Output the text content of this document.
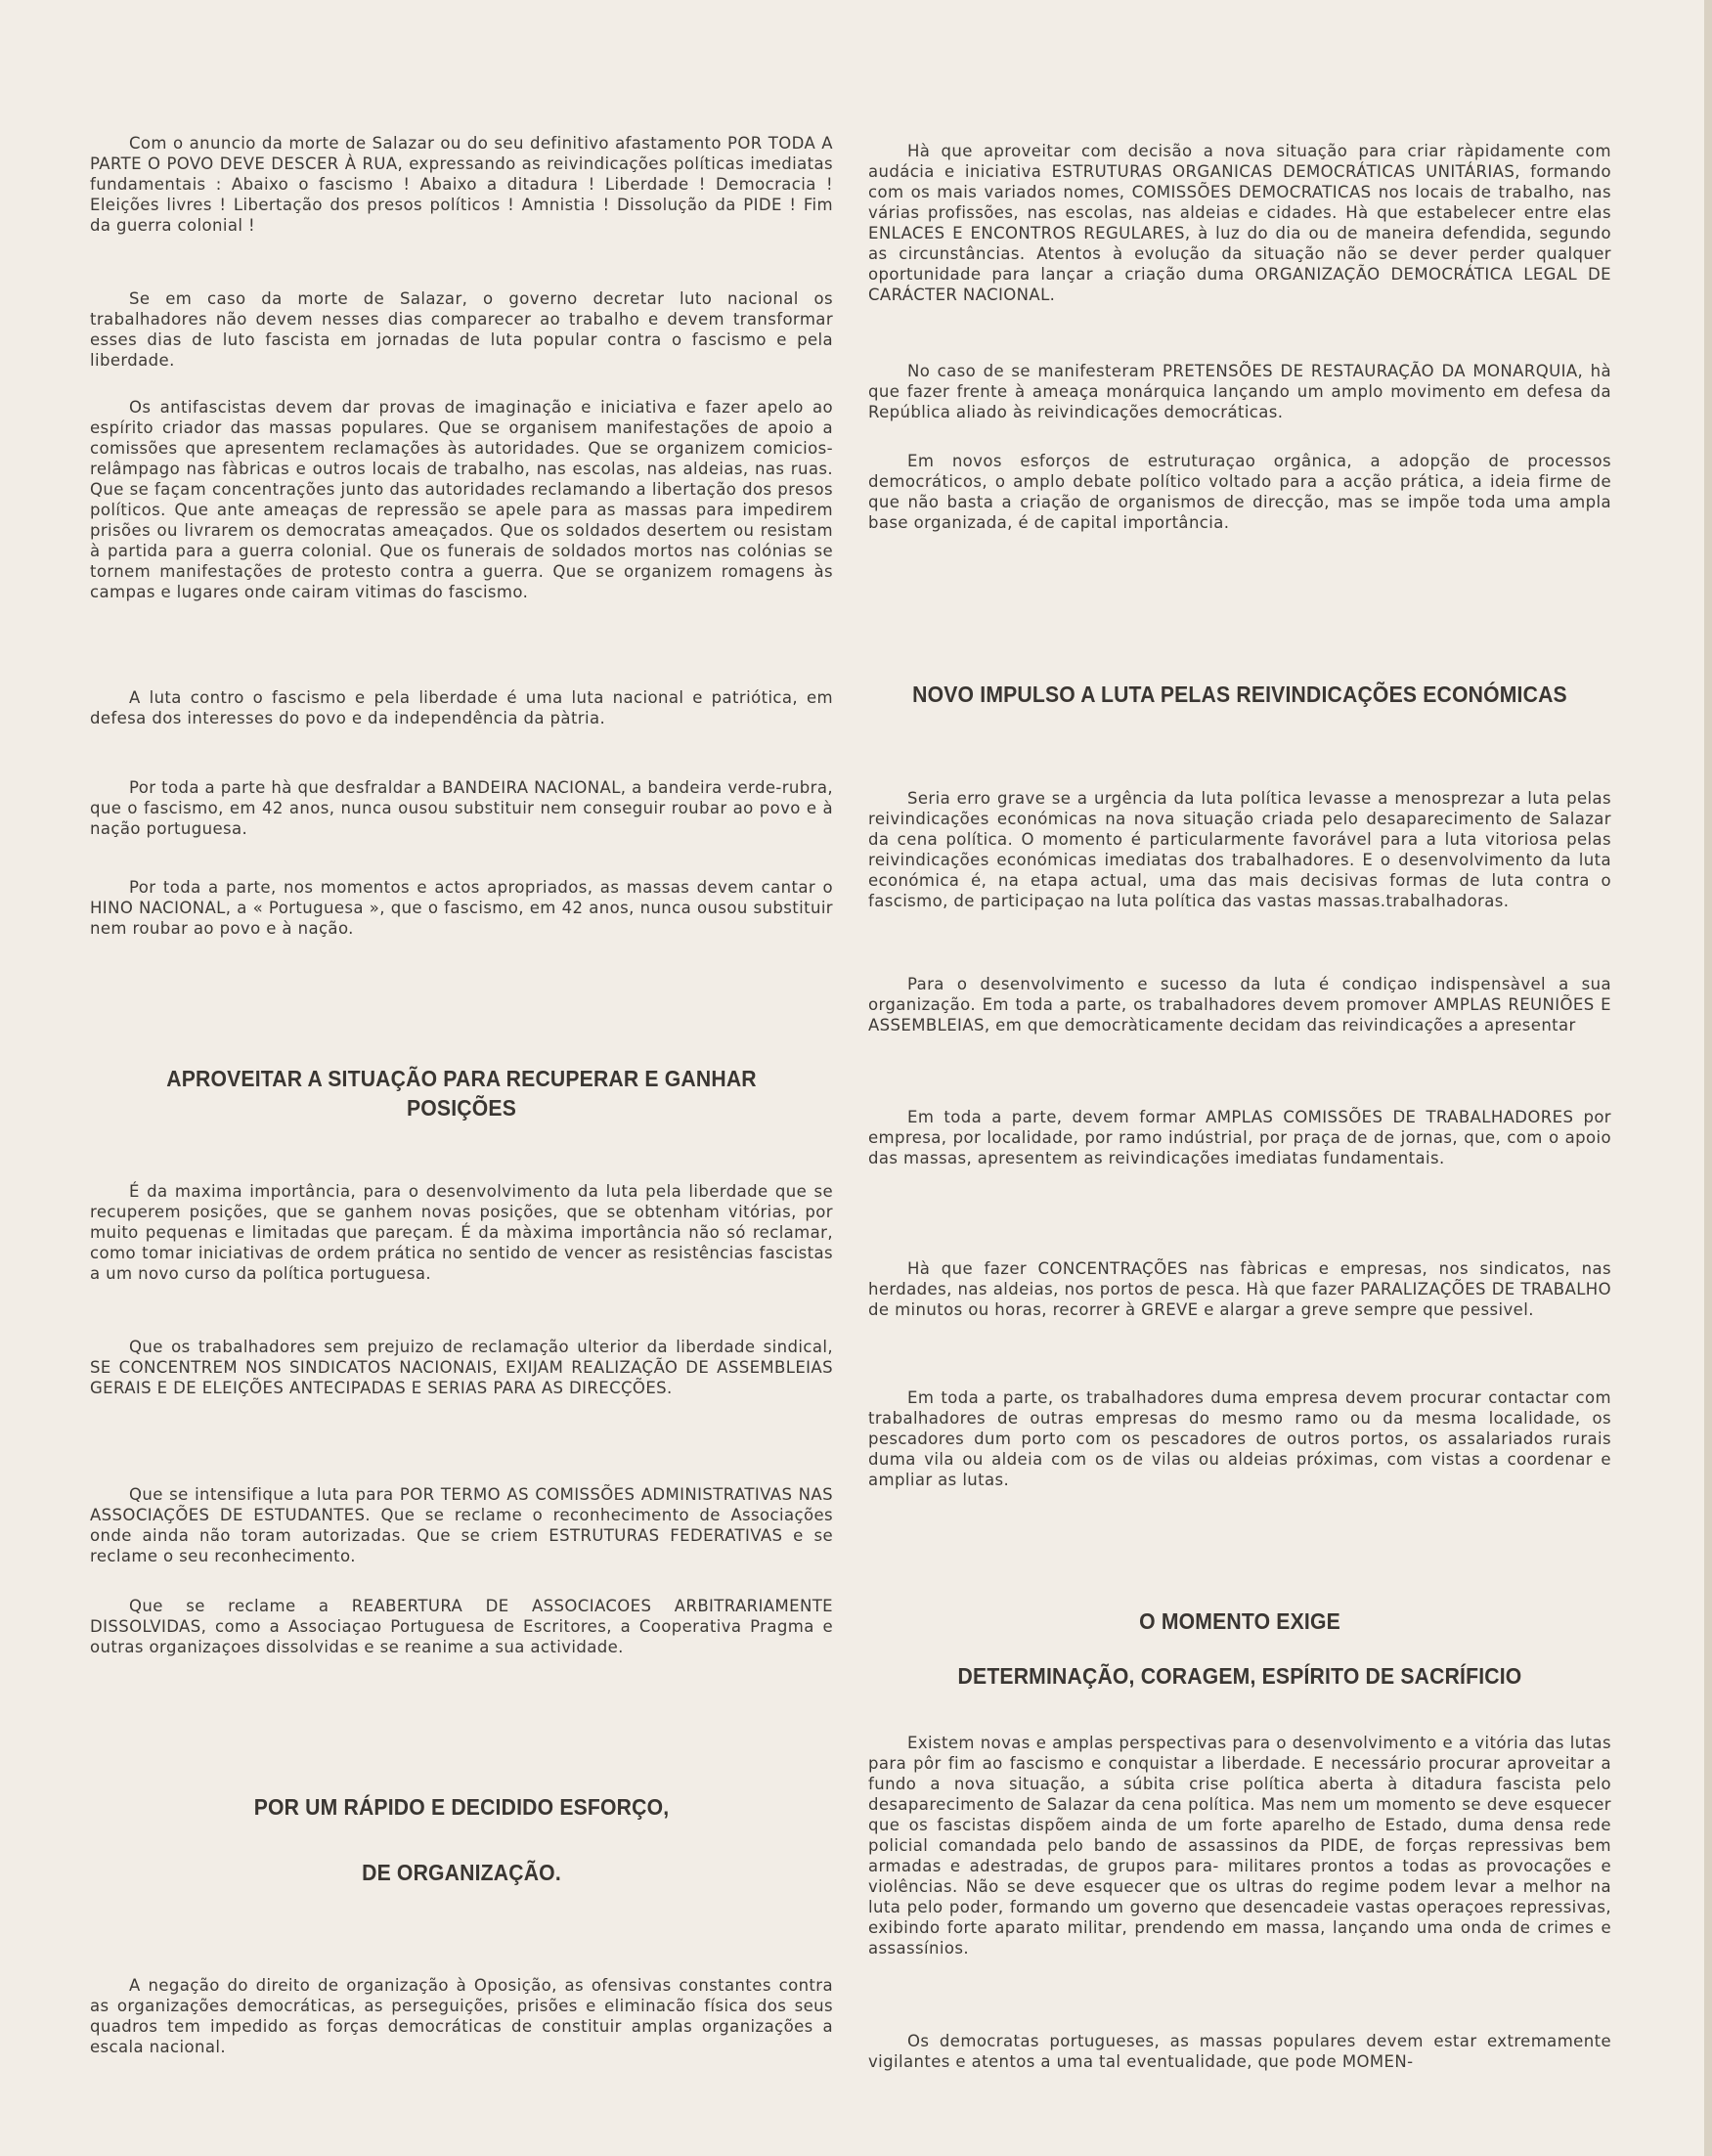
Com o anuncio da morte de Salazar ou do seu definitivo afastamento POR TODA A PARTE O POVO DEVE DESCER À RUA, expressando as reivindicações políticas imediatas fundamentais : Abaixo o fascismo ! Abaixo a ditadura ! Liberdade ! Democracia ! Eleições livres ! Libertação dos presos políticos ! Amnistia ! Dissolução da PIDE ! Fim da guerra colonial !

Se em caso da morte de Salazar, o governo decretar luto nacional os trabalhadores não devem nesses dias comparecer ao trabalho e devem transformar esses dias de luto fascista em jornadas de luta popular contra o fascismo e pela liberdade.

Os antifascistas devem dar provas de imaginação e iniciativa e fazer apelo ao espírito criador das massas populares. Que se organisem manifestações de apoio a comissões que apresentem reclamações às autoridades. Que se organizem comicios-relâmpago nas fàbricas e outros locais de trabalho, nas escolas, nas aldeias, nas ruas. Que se façam concentrações junto das autoridades reclamando a libertação dos presos políticos. Que ante ameaças de repressão se apele para as massas para impedirem prisões ou livrarem os democratas ameaçados. Que os soldados desertem ou resistam à partida para a guerra colonial. Que os funerais de soldados mortos nas colónias se tornem manifestações de protesto contra a guerra. Que se organizem romagens às campas e lugares onde cairam vitimas do fascismo.

A luta contro o fascismo e pela liberdade é uma luta nacional e patriótica, em defesa dos interesses do povo e da independência da pàtria.

Por toda a parte hà que desfraldar a BANDEIRA NACIONAL, a bandeira verde-rubra, que o fascismo, em 42 anos, nunca ousou substituir nem conseguir roubar ao povo e à nação portuguesa.

Por toda a parte, nos momentos e actos apropriados, as massas devem cantar o HINO NACIONAL, a « Portuguesa », que o fascismo, em 42 anos, nunca ousou substituir nem roubar ao povo e à nação.

APROVEITAR A SITUAÇÃO PARA RECUPERAR E GANHAR POSIÇÕES

É da maxima importância, para o desenvolvimento da luta pela liberdade que se recuperem posições, que se ganhem novas posições, que se obtenham vitórias, por muito pequenas e limitadas que pareçam. É da màxima importância não só reclamar, como tomar iniciativas de ordem prática no sentido de vencer as resistências fascistas a um novo curso da política portuguesa.

Que os trabalhadores sem prejuizo de reclamação ulterior da liberdade sindical, SE CONCENTREM NOS SINDICATOS NACIONAIS, EXIJAM REALIZAÇÃO DE ASSEMBLEIAS GERAIS E DE ELEIÇÕES ANTECIPADAS E SERIAS PARA AS DIRECÇÕES.

Que se intensifique a luta para POR TERMO AS COMISSÕES ADMINISTRATIVAS NAS ASSOCIAÇÕES DE ESTUDANTES. Que se reclame o reconhecimento de Associações onde ainda não toram autorizadas. Que se criem ESTRUTURAS FEDERATIVAS e se reclame o seu reconhecimento.

Que se reclame a REABERTURA DE ASSOCIACOES ARBITRARIAMENTE DISSOLVIDAS, como a Associaçao Portuguesa de Escritores, a Cooperativa Pragma e outras organizaçoes dissolvidas e se reanime a sua actividade.

POR UM RÁPIDO E DECIDIDO ESFORÇO,
DE ORGANIZAÇÃO.

A negação do direito de organização à Oposição, as ofensivas constantes contra as organizações democráticas, as perseguições, prisões e eliminacão física dos seus quadros tem impedido as forças democráticas de constituir amplas organizações a escala nacional.

Hà que aproveitar com decisão a nova situação para criar ràpidamente com audácia e iniciativa ESTRUTURAS ORGANICAS DEMOCRÁTICAS UNITÁRIAS, formando com os mais variados nomes, COMISSÕES DEMOCRATICAS nos locais de trabalho, nas várias profissões, nas escolas, nas aldeias e cidades. Hà que estabelecer entre elas ENLACES E ENCONTROS REGULARES, à luz do dia ou de maneira defendida, segundo as circunstâncias. Atentos à evolução da situação não se dever perder qualquer oportunidade para lançar a criação duma ORGANIZAÇÃO DEMOCRÁTICA LEGAL DE CARÁCTER NACIONAL.

No caso de se manifesteram PRETENSÕES DE RESTAURAÇÃO DA MONARQUIA, hà que fazer frente à ameaça monárquica lançando um amplo movimento em defesa da República aliado às reivindicações democráticas.

Em novos esforços de estruturaçao orgânica, a adopção de processos democráticos, o amplo debate político voltado para a acção prática, a ideia firme de que não basta a criação de organismos de direcção, mas se impõe toda uma ampla base organizada, é de capital importância.

NOVO IMPULSO A LUTA PELAS REIVINDICAÇÕES ECONÓMICAS

Seria erro grave se a urgência da luta política levasse a menosprezar a luta pelas reivindicações económicas na nova situação criada pelo desaparecimento de Salazar da cena política. O momento é particularmente favorável para a luta vitoriosa pelas reivindicações económicas imediatas dos trabalhadores. E o desenvolvimento da luta económica é, na etapa actual, uma das mais decisivas formas de luta contra o fascismo, de participaçao na luta política das vastas massas.trabalhadoras.

Para o desenvolvimento e sucesso da luta é condiçao indispensàvel a sua organização. Em toda a parte, os trabalhadores devem promover AMPLAS REUNIÕES E ASSEMBLEIAS, em que democràticamente decidam das reivindicações a apresentar

Em toda a parte, devem formar AMPLAS COMISSÕES DE TRABALHADORES por empresa, por localidade, por ramo indústrial, por praça de de jornas, que, com o apoio das massas, apresentem as reivindicações imediatas fundamentais.

Hà que fazer CONCENTRAÇÕES nas fàbricas e empresas, nos sindicatos, nas herdades, nas aldeias, nos portos de pesca. Hà que fazer PARALIZAÇÕES DE TRABALHO de minutos ou horas, recorrer à GREVE e alargar a greve sempre que pessivel.

Em toda a parte, os trabalhadores duma empresa devem procurar contactar com trabalhadores de outras empresas do mesmo ramo ou da mesma localidade, os pescadores dum porto com os pescadores de outros portos, os assalariados rurais duma vila ou aldeia com os de vilas ou aldeias próximas, com vistas a coordenar e ampliar as lutas.

O MOMENTO EXIGE
DETERMINAÇÃO, CORAGEM, ESPÍRITO DE SACRÍFICIO

Existem novas e amplas perspectivas para o desenvolvimento e a vitória das lutas para pôr fim ao fascismo e conquistar a liberdade. E necessário procurar aproveitar a fundo a nova situação, a súbita crise política aberta à ditadura fascista pelo desaparecimento de Salazar da cena política. Mas nem um momento se deve esquecer que os fascistas dispõem ainda de um forte aparelho de Estado, duma densa rede policial comandada pelo bando de assassinos da PIDE, de forças repressivas bem armadas e adestradas, de grupos para- militares prontos a todas as provocações e violências. Não se deve esquecer que os ultras do regime podem levar a melhor na luta pelo poder, formando um governo que desencadeie vastas operaçoes repressivas, exibindo forte aparato militar, prendendo em massa, lançando uma onda de crimes e assassínios.

Os democratas portugueses, as massas populares devem estar extremamente vigilantes e atentos a uma tal eventualidade, que pode MOMEN-
